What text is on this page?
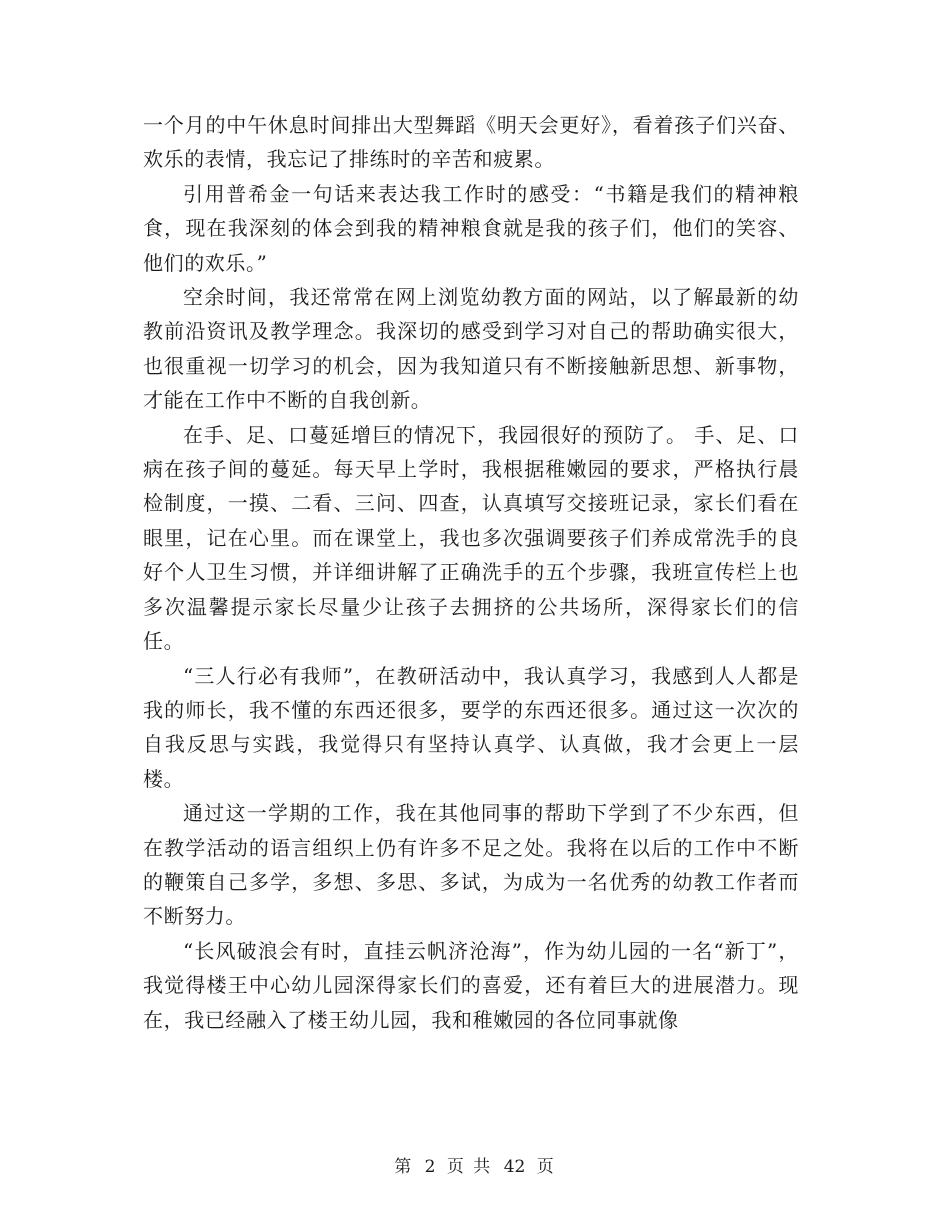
一个月的中午休息时间排出大型舞蹈《明天会更好》，看着孩子们兴奋、欢乐的表情，我忘记了排练时的辛苦和疲累。

引用普希金一句话来表达我工作时的感受：“书籍是我们的精神粮食，现在我深刻的体会到我的精神粮食就是我的孩子们，他们的笑容、他们的欢乐。”

空余时间，我还常常在网上浏览幼教方面的网站，以了解最新的幼教前沿资讯及教学理念。我深切的感受到学习对自己的帮助确实很大，也很重视一切学习的机会，因为我知道只有不断接触新思想、新事物，才能在工作中不断的自我创新。

在手、足、口蔓延增巨的情况下，我园很好的预防了。 手、足、口病在孩子间的蔓延。每天早上学时，我根据稚嫩园的要求，严格执行晨检制度，一摸、二看、三问、四查，认真填写交接班记录，家长们看在眼里，记在心里。而在课堂上，我也多次强调要孩子们养成常洗手的良好个人卫生习惯，并详细讲解了正确洗手的五个步骤，我班宣传栏上也多次温馨提示家长尽量少让孩子去拥挤的公共场所，深得家长们的信任。

“三人行必有我师”，在教研活动中，我认真学习，我感到人人都是我的师长，我不懂的东西还很多，要学的东西还很多。通过这一次次的自我反思与实践，我觉得只有坚持认真学、认真做，我才会更上一层楼。

通过这一学期的工作，我在其他同事的帮助下学到了不少东西，但在教学活动的语言组织上仍有许多不足之处。我将在以后的工作中不断的鞭策自己多学，多想、多思、多试，为成为一名优秀的幼教工作者而不断努力。

“长风破浪会有时，直挂云帆济沧海”，作为幼儿园的一名“新丁”，我觉得楼王中心幼儿园深得家长们的喜爱，还有着巨大的进展潜力。现在，我已经融入了楼王幼儿园，我和稚嫩园的各位同事就像

第 2 页 共 42 页
